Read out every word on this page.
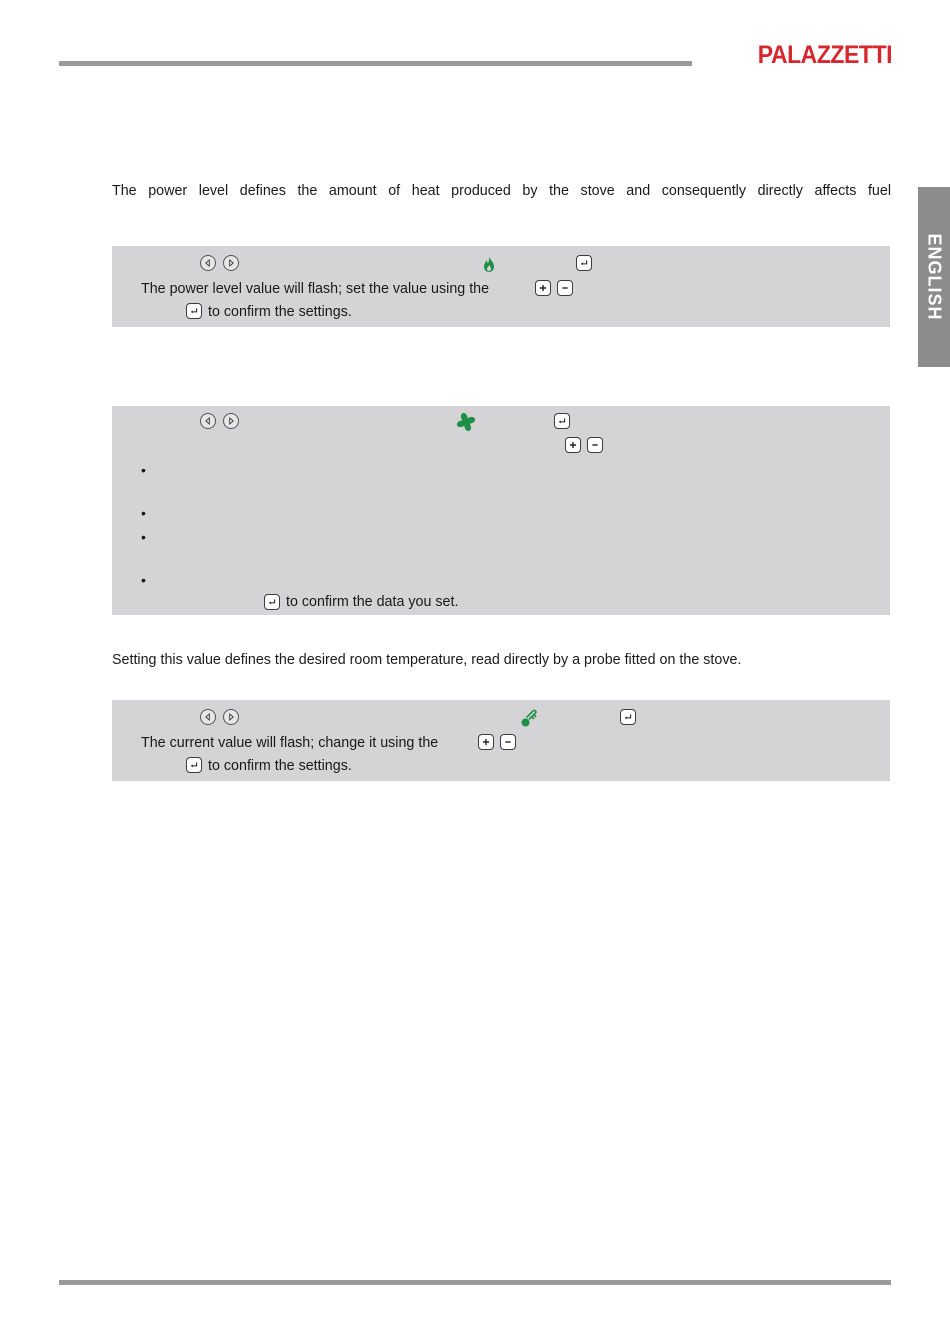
PALAZZETTI
ENGLISH
The power level defines the amount of heat produced by the stove and consequently directly affects fuel
The power level value will flash; set the value using the
to confirm the settings.
•
•
•
•
to confirm the data you set.
Setting this value defines the desired room temperature, read directly by a probe fitted on the stove.
The current value will flash; change it using the
to confirm the settings.
